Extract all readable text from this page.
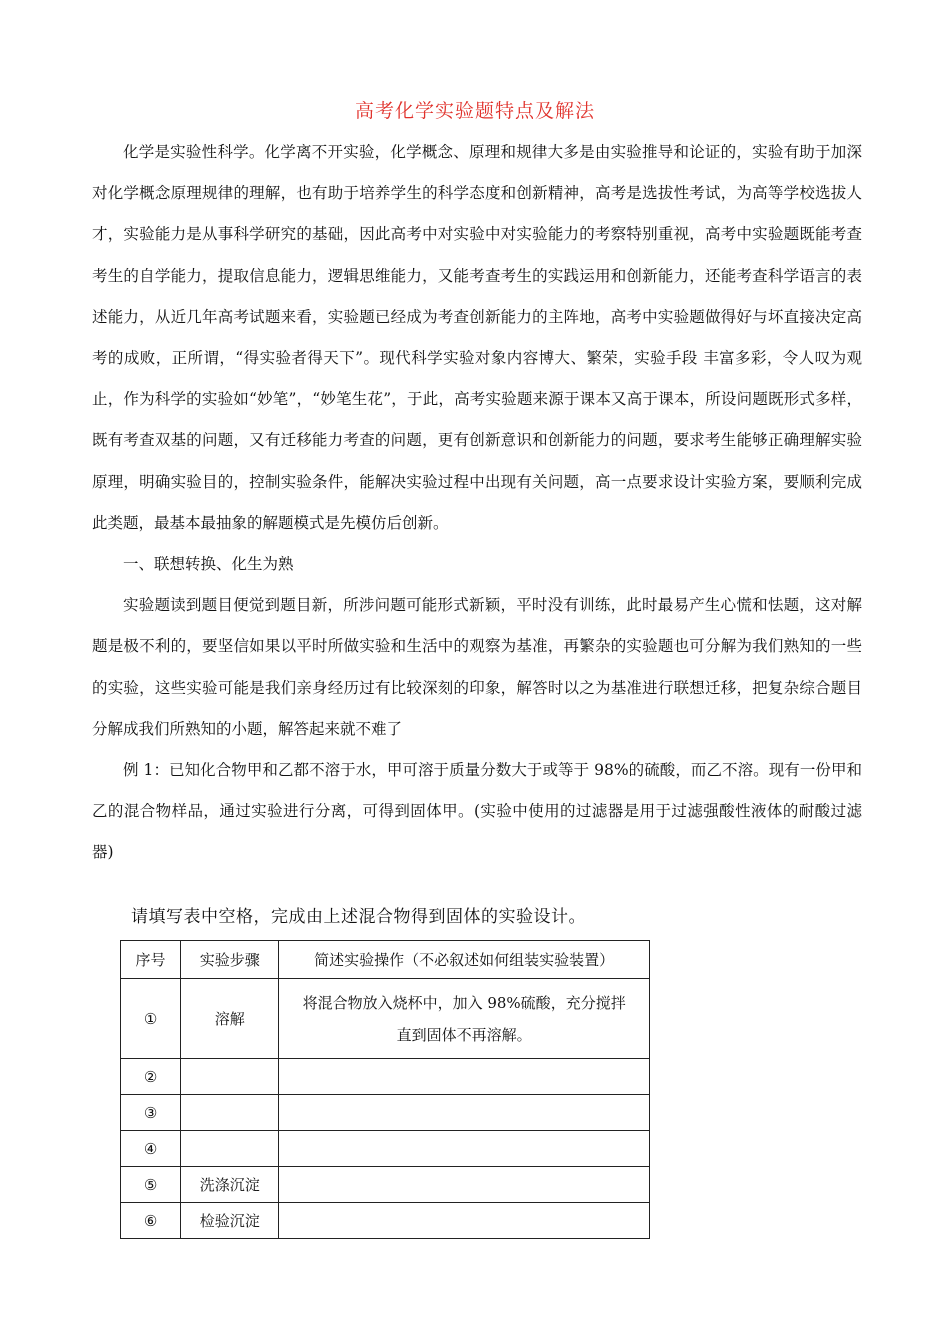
高考化学实验题特点及解法

化学是实验性科学。化学离不开实验，化学概念、原理和规律大多是由实验推导和论证的，实验有助于加深对化学概念原理规律的理解，也有助于培养学生的科学态度和创新精神，高考是选拔性考试，为高等学校选拔人才，实验能力是从事科学研究的基础，因此高考中对实验中对实验能力的考察特别重视，高考中实验题既能考查考生的自学能力，提取信息能力，逻辑思维能力，又能考查考生的实践运用和创新能力，还能考查科学语言的表述能力，从近几年高考试题来看，实验题已经成为考查创新能力的主阵地，高考中实验题做得好与坏直接决定高考的成败，正所谓，“得实验者得天下”。现代科学实验对象内容博大、繁荣，实验手段 丰富多彩，令人叹为观止，作为科学的实验如“妙笔”，“妙笔生花”，于此，高考实验题来源于课本又高于课本，所设问题既形式多样，既有考查双基的问题，又有迁移能力考查的问题，更有创新意识和创新能力的问题，要求考生能够正确理解实验原理，明确实验目的，控制实验条件，能解决实验过程中出现有关问题，高一点要求设计实验方案，要顺利完成此类题，最基本最抽象的解题模式是先模仿后创新。

一、联想转换、化生为熟

实验题读到题目便觉到题目新，所涉问题可能形式新颖，平时没有训练，此时最易产生心慌和怯题，这对解题是极不利的，要坚信如果以平时所做实验和生活中的观察为基准，再繁杂的实验题也可分解为我们熟知的一些的实验，这些实验可能是我们亲身经历过有比较深刻的印象，解答时以之为基准进行联想迁移，把复杂综合题目分解成我们所熟知的小题，解答起来就不难了

例 1：已知化合物甲和乙都不溶于水，甲可溶于质量分数大于或等于 98%的硫酸，而乙不溶。现有一份甲和乙的混合物样品，通过实验进行分离，可得到固体甲。(实验中使用的过滤器是用于过滤强酸性液体的耐酸过滤器)

请填写表中空格，完成由上述混合物得到固体的实验设计。
序号	实验步骤	简述实验操作（不必叙述如何组装实验装置）
①	溶解	将混合物放入烧杯中，加入 98%硫酸，充分搅拌
直到固体不再溶解。

②		
③		
④		
⑤	洗涤沉淀	
⑥	检验沉淀	
